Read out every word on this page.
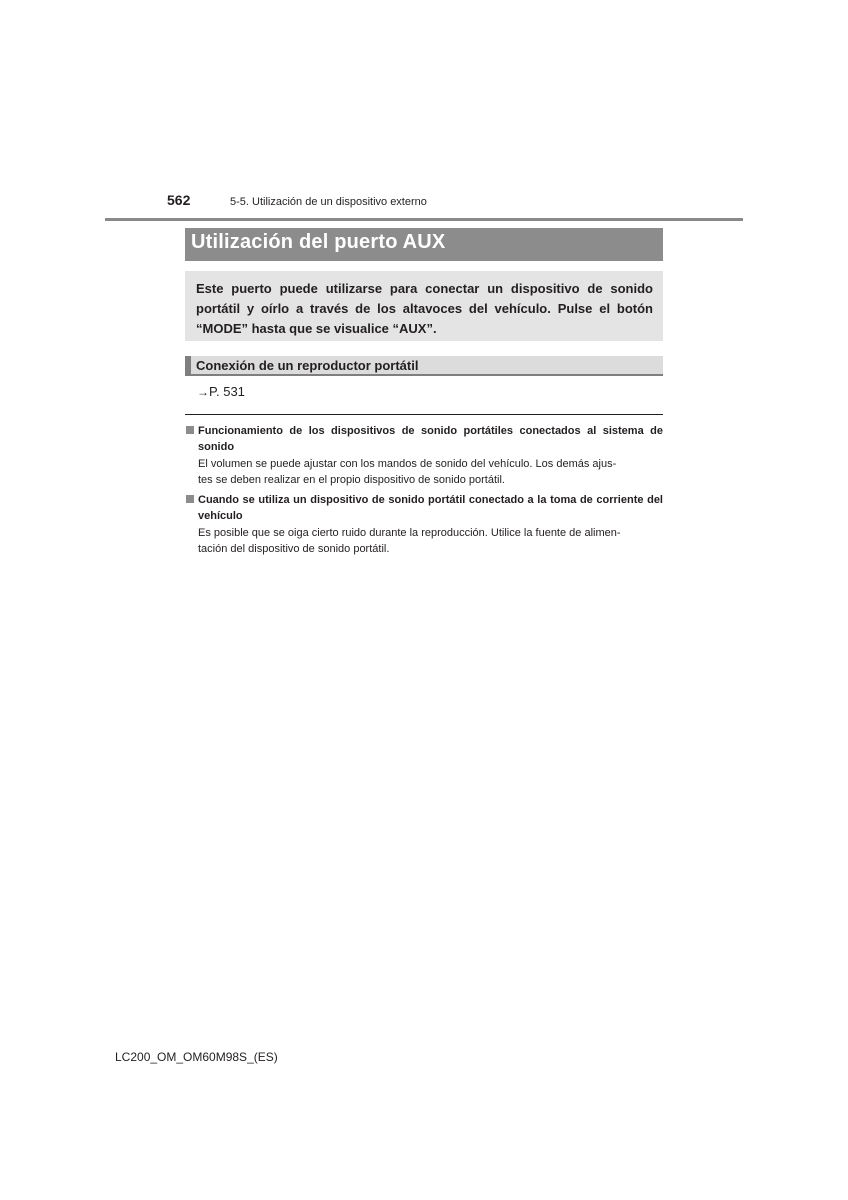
562	5-5. Utilización de un dispositivo externo
Utilización del puerto AUX

Este puerto puede utilizarse para conectar un dispositivo de sonido portátil y oírlo a través de los altavoces del vehículo. Pulse el botón “MODE” hasta que se visualice “AUX”.

Conexión de un reproductor portátil
→P. 531
Funcionamiento de los dispositivos de sonido portátiles conectados al sistema de sonido
El volumen se puede ajustar con los mandos de sonido del vehículo. Los demás ajus-
tes se deben realizar en el propio dispositivo de sonido portátil.
Cuando se utiliza un dispositivo de sonido portátil conectado a la toma de corriente del vehículo
Es posible que se oiga cierto ruido durante la reproducción. Utilice la fuente de alimen-
tación del dispositivo de sonido portátil.
LC200_OM_OM60M98S_(ES)
